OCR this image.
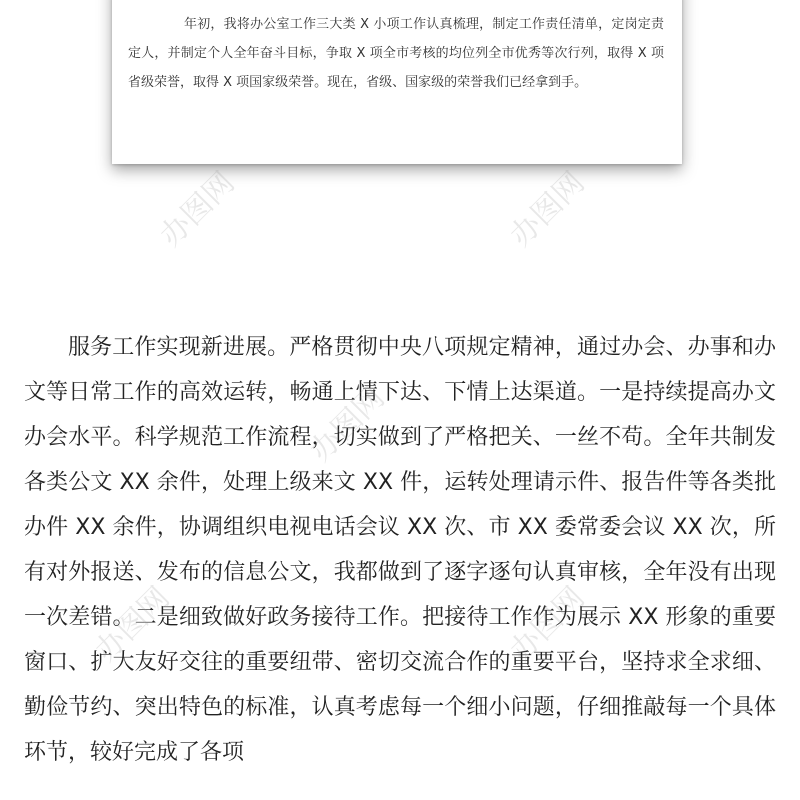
年初，我将办公室工作三大类 X 小项工作认真梳理，制定工作责任清单，定岗定责定人，并制定个人全年奋斗目标，争取 X 项全市考核的均位列全市优秀等次行列，取得 X 项省级荣誉，取得 X 项国家级荣誉。现在，省级、国家级的荣誉我们已经拿到手。

服务工作实现新进展。严格贯彻中央八项规定精神，通过办会、办事和办文等日常工作的高效运转，畅通上情下达、下情上达渠道。一是持续提高办文办会水平。科学规范工作流程，切实做到了严格把关、一丝不苟。全年共制发各类公文 XX 余件，处理上级来文 XX 件，运转处理请示件、报告件等各类批办件 XX 余件，协调组织电视电话会议 XX 次、市 XX 委常委会议 XX 次，所有对外报送、发布的信息公文，我都做到了逐字逐句认真审核，全年没有出现一次差错。二是细致做好政务接待工作。把接待工作作为展示 XX 形象的重要窗口、扩大友好交往的重要纽带、密切交流合作的重要平台，坚持求全求细、勤俭节约、突出特色的标准，认真考虑每一个细小问题，仔细推敲每一个具体环节，较好完成了各项

办图网	办图网
办图网
办图网	办图网
